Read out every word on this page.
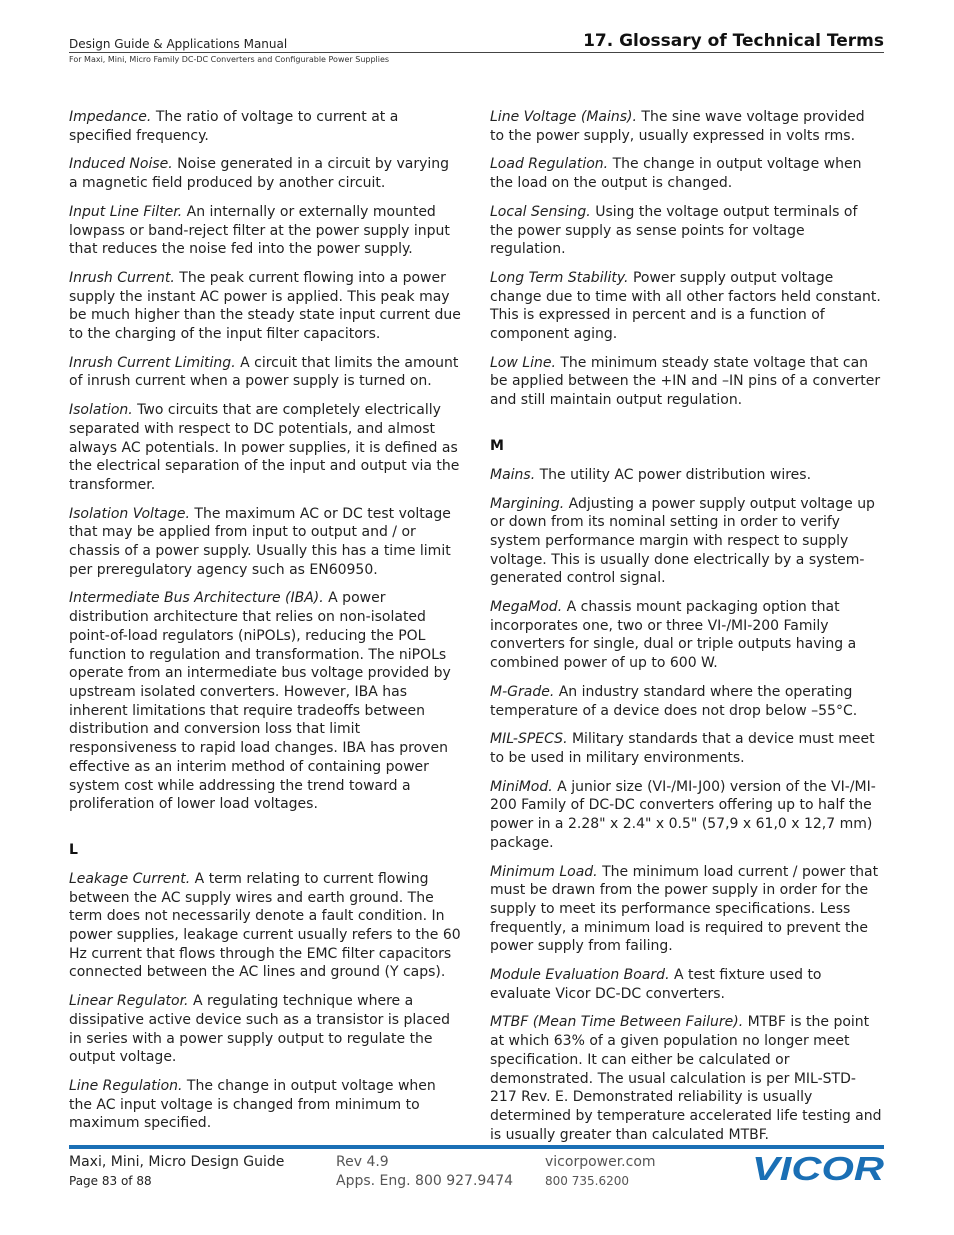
Design Guide & Applications Manual
For Maxi, Mini, Micro Family DC-DC Converters and Configurable Power Supplies
17. Glossary of Technical Terms

Impedance. The ratio of voltage to current at a specified frequency.

Induced Noise. Noise generated in a circuit by varying a magnetic field produced by another circuit.

Input Line Filter. An internally or externally mounted lowpass or band-reject filter at the power supply input that reduces the noise fed into the power supply.

Inrush Current. The peak current flowing into a power supply the instant AC power is applied. This peak may be much higher than the steady state input current due to the charging of the input filter capacitors.

Inrush Current Limiting. A circuit that limits the amount of inrush current when a power supply is turned on.

Isolation. Two circuits that are completely electrically separated with respect to DC potentials, and almost always AC potentials. In power supplies, it is defined as the electrical separation of the input and output via the transformer.

Isolation Voltage. The maximum AC or DC test voltage that may be applied from input to output and / or chassis of a power supply. Usually this has a time limit per preregulatory agency such as EN60950.

Intermediate Bus Architecture (IBA). A power distribution architecture that relies on non-isolated point-of-load regulators (niPOLs), reducing the POL function to regulation and transformation. The niPOLs operate from an intermediate bus voltage provided by upstream isolated converters. However, IBA has inherent limitations that require tradeoffs between distribution and conversion loss that limit responsiveness to rapid load changes. IBA has proven effective as an interim method of containing power system cost while addressing the trend toward a proliferation of lower load voltages.

L

Leakage Current. A term relating to current flowing between the AC supply wires and earth ground. The term does not necessarily denote a fault condition. In power supplies, leakage current usually refers to the 60 Hz current that flows through the EMC filter capacitors connected between the AC lines and ground (Y caps).

Linear Regulator. A regulating technique where a dissipative active device such as a transistor is placed in series with a power supply output to regulate the output voltage.

Line Regulation. The change in output voltage when the AC input voltage is changed from minimum to maximum specified.

Line Voltage (Mains). The sine wave voltage provided to the power supply, usually expressed in volts rms.

Load Regulation. The change in output voltage when the load on the output is changed.

Local Sensing. Using the voltage output terminals of the power supply as sense points for voltage regulation.

Long Term Stability. Power supply output voltage change due to time with all other factors held constant. This is expressed in percent and is a function of component aging.

Low Line. The minimum steady state voltage that can be applied between the +IN and –IN pins of a converter and still maintain output regulation.

M

Mains. The utility AC power distribution wires.

Margining. Adjusting a power supply output voltage up or down from its nominal setting in order to verify system performance margin with respect to supply voltage. This is usually done electrically by a system-generated control signal.

MegaMod. A chassis mount packaging option that incorporates one, two or three VI-/MI-200 Family converters for single, dual or triple outputs having a combined power of up to 600 W.

M-Grade. An industry standard where the operating temperature of a device does not drop below –55°C.

MIL-SPECS. Military standards that a device must meet to be used in military environments.

MiniMod. A junior size (VI-/MI-J00) version of the VI-/MI-200 Family of DC-DC converters offering up to half the power in a 2.28" x 2.4" x 0.5" (57,9 x 61,0 x 12,7 mm) package.

Minimum Load. The minimum load current / power that must be drawn from the power supply in order for the supply to meet its performance specifications. Less frequently, a minimum load is required to prevent the power supply from failing.

Module Evaluation Board. A test fixture used to evaluate Vicor DC-DC converters.

MTBF (Mean Time Between Failure). MTBF is the point at which 63% of a given population no longer meet specification. It can either be calculated or demonstrated. The usual calculation is per MIL-STD-217 Rev. E. Demonstrated reliability is usually determined by temperature accelerated life testing and is usually greater than calculated MTBF.

Maxi, Mini, Micro Design Guide
Page 83 of 88
Rev 4.9
Apps. Eng. 800 927.9474
vicorpower.com
800 735.6200	VICOR
